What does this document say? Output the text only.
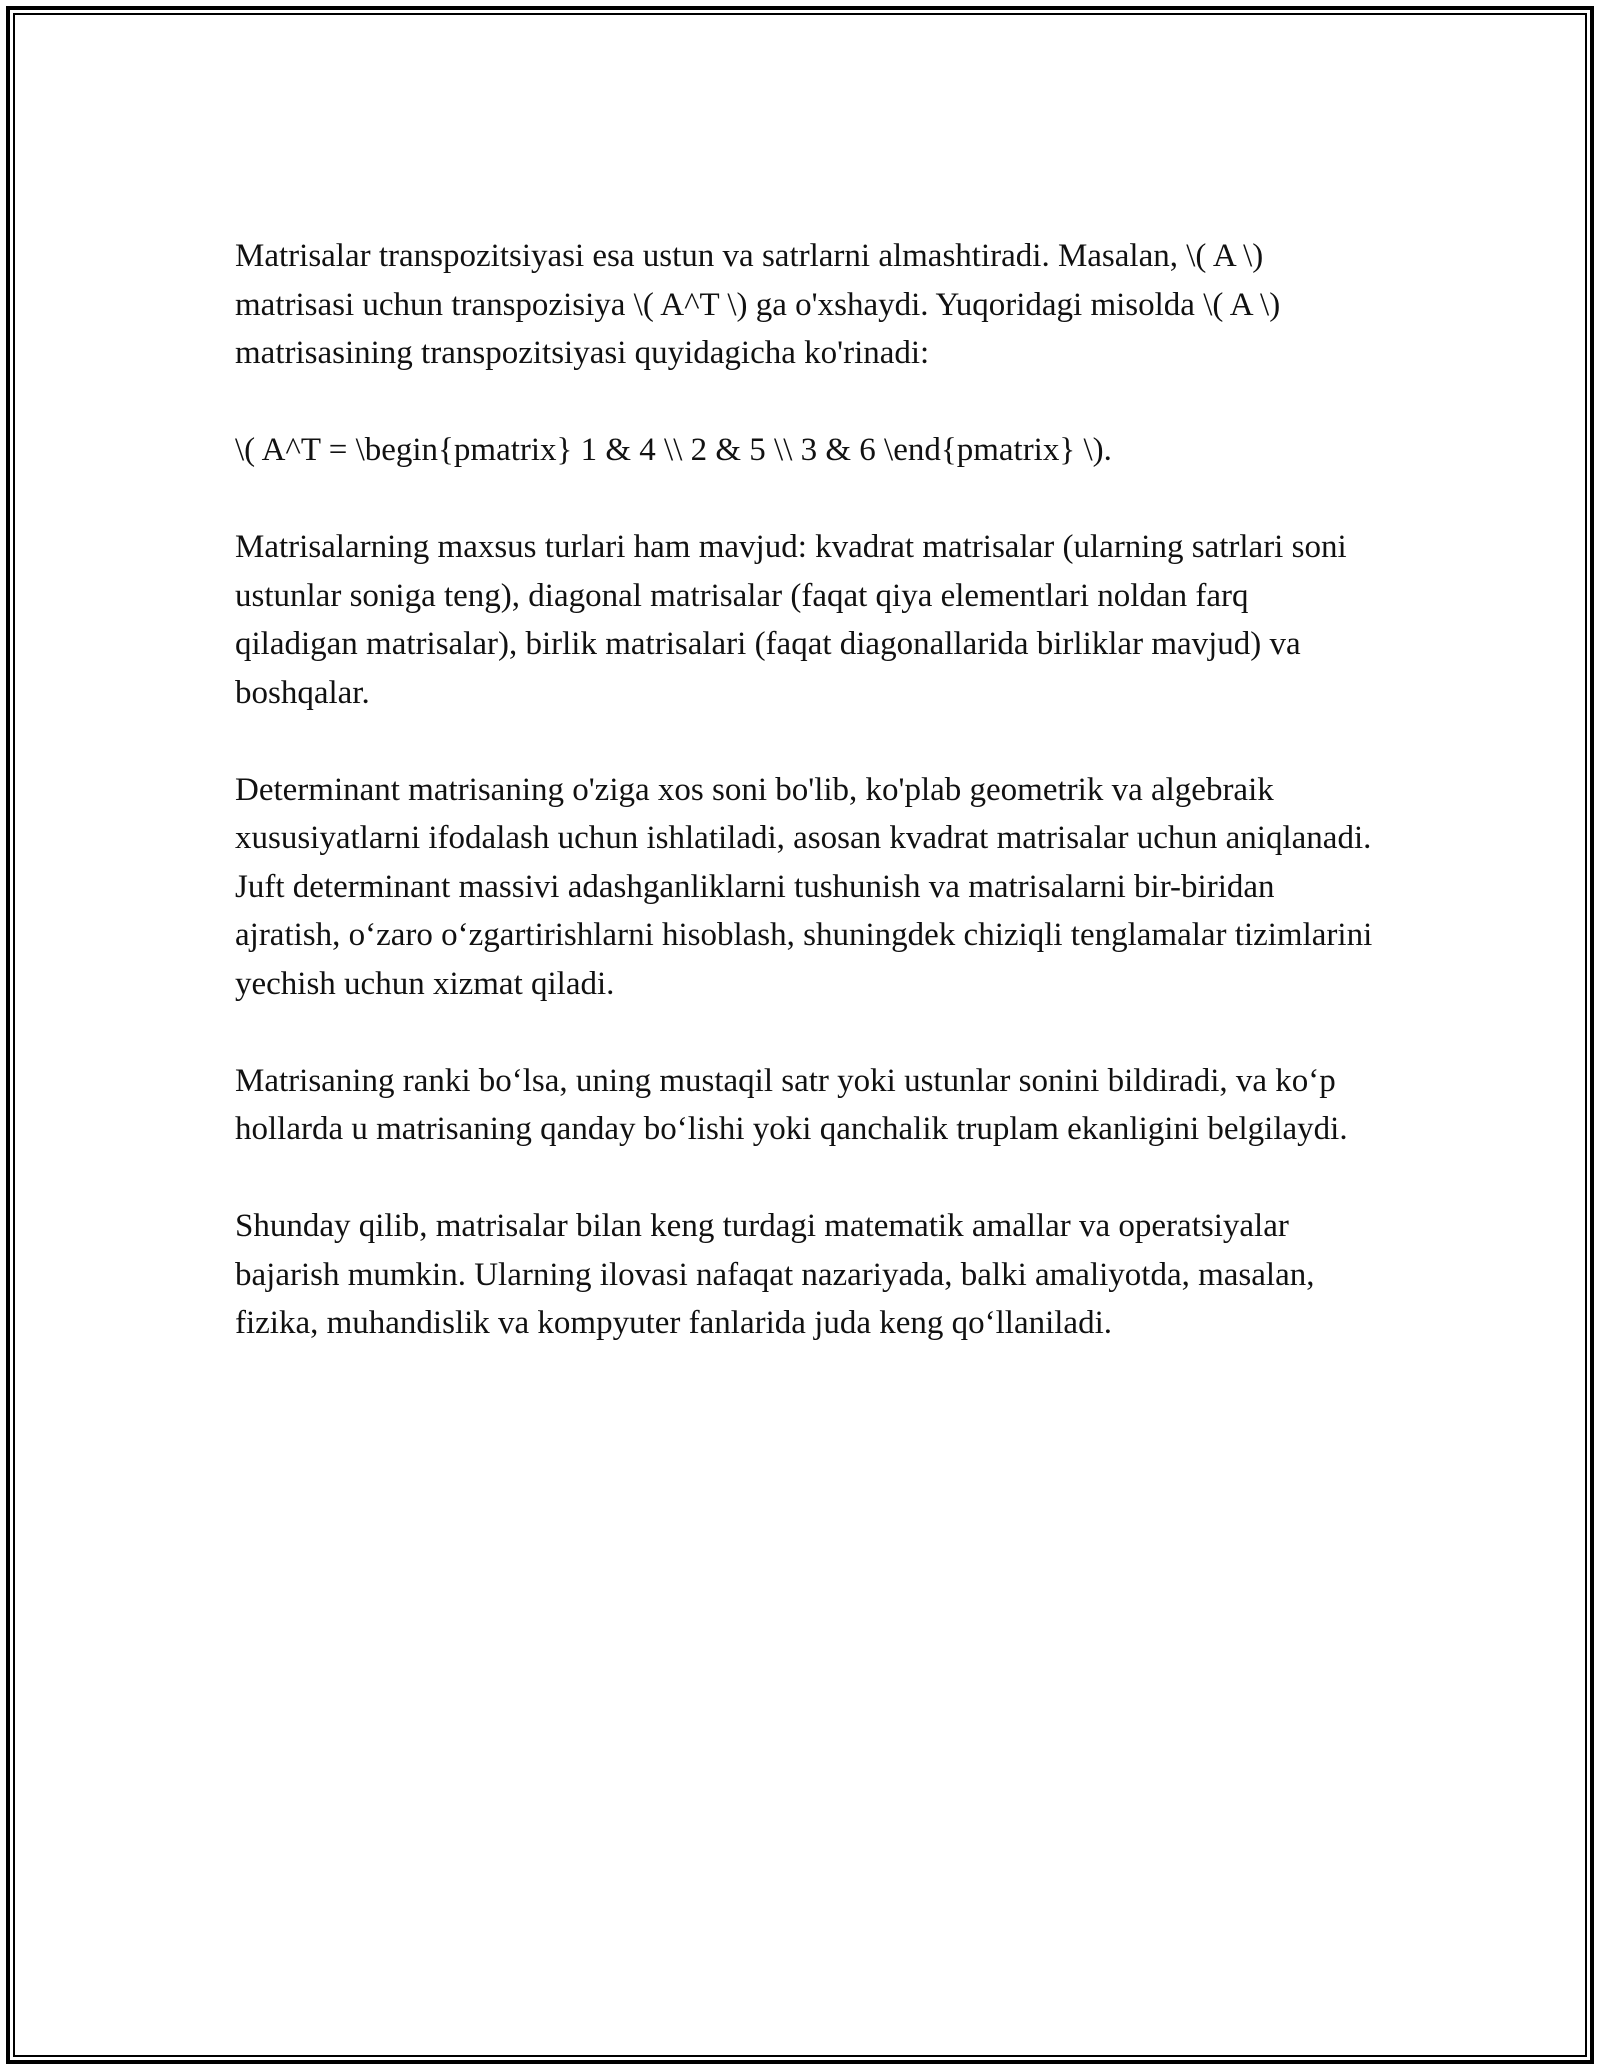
Matrisalar transpozitsiyasi esa ustun va satrlarni almashtiradi. Masalan, \( A \) matrisasi uchun transpozisiya \( A^T \) ga o'xshaydi. Yuqoridagi misolda \( A \) matrisasining transpozitsiyasi quyidagicha ko'rinadi:

\( A^T = \begin{pmatrix} 1 & 4 \\ 2 & 5 \\ 3 & 6 \end{pmatrix} \).

Matrisalarning maxsus turlari ham mavjud: kvadrat matrisalar (ularning satrlari soni ustunlar soniga teng), diagonal matrisalar (faqat qiya elementlari noldan farq qiladigan matrisalar), birlik matrisalari (faqat diagonallarida birliklar mavjud) va boshqalar.

Determinant matrisaning o'ziga xos soni bo'lib, ko'plab geometrik va algebraik xususiyatlarni ifodalash uchun ishlatiladi, asosan kvadrat matrisalar uchun aniqlanadi. Juft determinant massivi adashganliklarni tushunish va matrisalarni bir-biridan ajratish, o‘zaro o‘zgartirishlarni hisoblash, shuningdek chiziqli tenglamalar tizimlarini yechish uchun xizmat qiladi.

Matrisaning ranki bo‘lsa, uning mustaqil satr yoki ustunlar sonini bildiradi, va ko‘p hollarda u matrisaning qanday bo‘lishi yoki qanchalik truplam ekanligini belgilaydi.

Shunday qilib, matrisalar bilan keng turdagi matematik amallar va operatsiyalar bajarish mumkin. Ularning ilovasi nafaqat nazariyada, balki amaliyotda, masalan, fizika, muhandislik va kompyuter fanlarida juda keng qo‘llaniladi.
